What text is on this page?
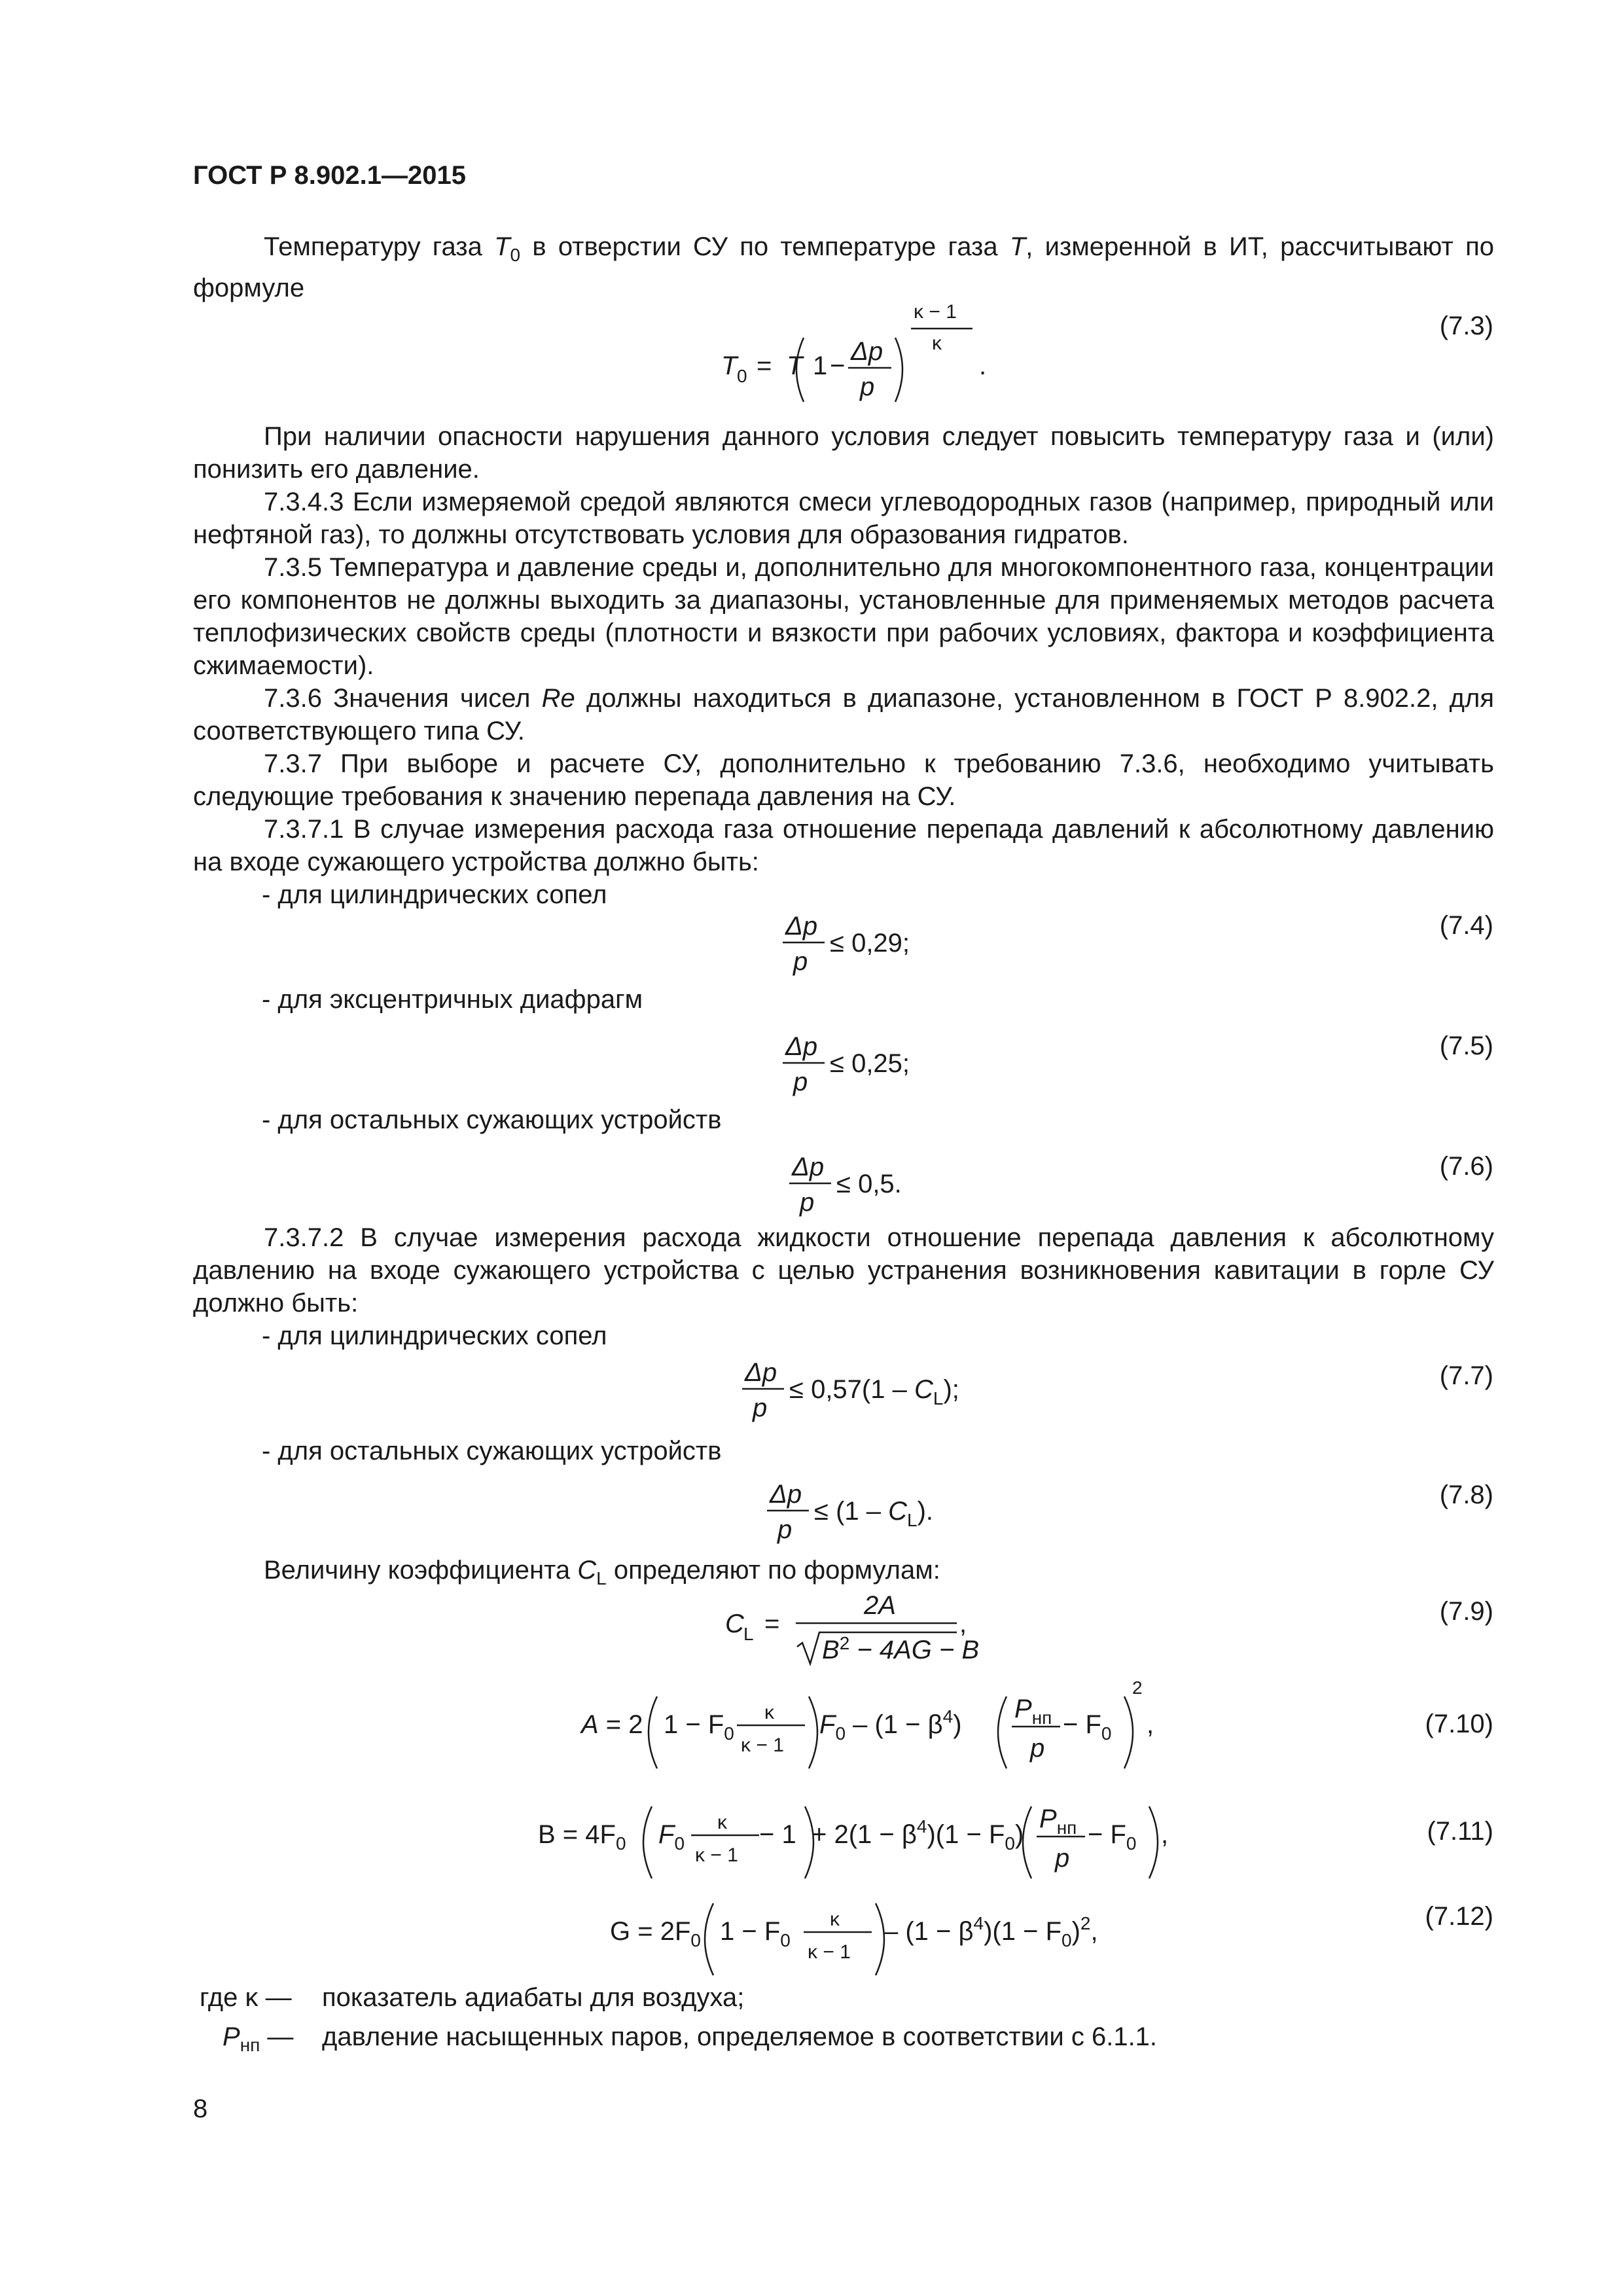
ГОСТ Р 8.902.1—2015

Температуру газа $T_0$ в отверстии СУ по температуре газа T, измеренной в ИТ, рассчитывают по формуле

T 0 = T 1 − Δp
p
κ − 1
κ
.
(7.3)

При наличии опасности нарушения данного условия следует повысить температуру газа и (или) понизить его давление.

7.3.4.3 Если измеряемой средой являются смеси углеводородных газов (например, природный или нефтяной газ), то должны отсутствовать условия для образования гидратов.

7.3.5 Температура и давление среды и, дополнительно для многокомпонентного газа, концентрации его компонентов не должны выходить за диапазоны, установленные для применяемых методов расчета теплофизических свойств среды (плотности и вязкости при рабочих условиях, фактора и коэффициента сжимаемости).

7.3.6 Значения чисел Re должны находиться в диапазоне, установленном в ГОСТ Р 8.902.2, для соответствующего типа СУ.

7.3.7 При выборе и расчете СУ, дополнительно к требованию 7.3.6, необходимо учитывать следующие требования к значению перепада давления на СУ.

7.3.7.1 В случае измерения расхода газа отношение перепада давлений к абсолютному давлению на входе сужающего устройства должно быть:

- для цилиндрических сопел
Δp
p
≤ 0,29;
(7.4)
- для эксцентричных диафрагм
Δp
p
≤ 0,25;
(7.5)
- для остальных сужающих устройств
Δp
p
≤ 0,5.
(7.6)

7.3.7.2 В случае измерения расхода жидкости отношение перепада давления к абсолютному давлению на входе сужающего устройства с целью устранения возникновения кавитации в горле СУ должно быть:

- для цилиндрических сопел
Δp
p
≤ $0,57(1 - C_L)$;	(7.7)
- для остальных сужающих устройств
Δp
p
≤ $(1 - C_L)$.
(7.8)

Величину коэффициента $C_L$ определяют по формулам:

C L =
2A
$B^2 - 4AG - B$
,	(7.9)
A = 2 $1 - F_0$
κ
κ − 1
$F_0 - (1 - \beta^4)$
$P_{нп}$
p
− $F_0$
2
,	(7.10)
$B = 4F_0$ $F_0$
κ
κ − 1
− $1 + 2(1 - \beta^4)(1 - F_0)$
$P_{нп}$
p
− $F_0$ ,	(7.11)
$G = 2F_0$ $1 - F_0$
κ
κ − 1
– $(1 - \beta^4)(1 - F_0)^2$,
(7.12)
где κ — показатель адиабаты для воздуха;
$P_{нп}$ — давление насыщенных паров, определяемое в соответствии с 6.1.1.
8
